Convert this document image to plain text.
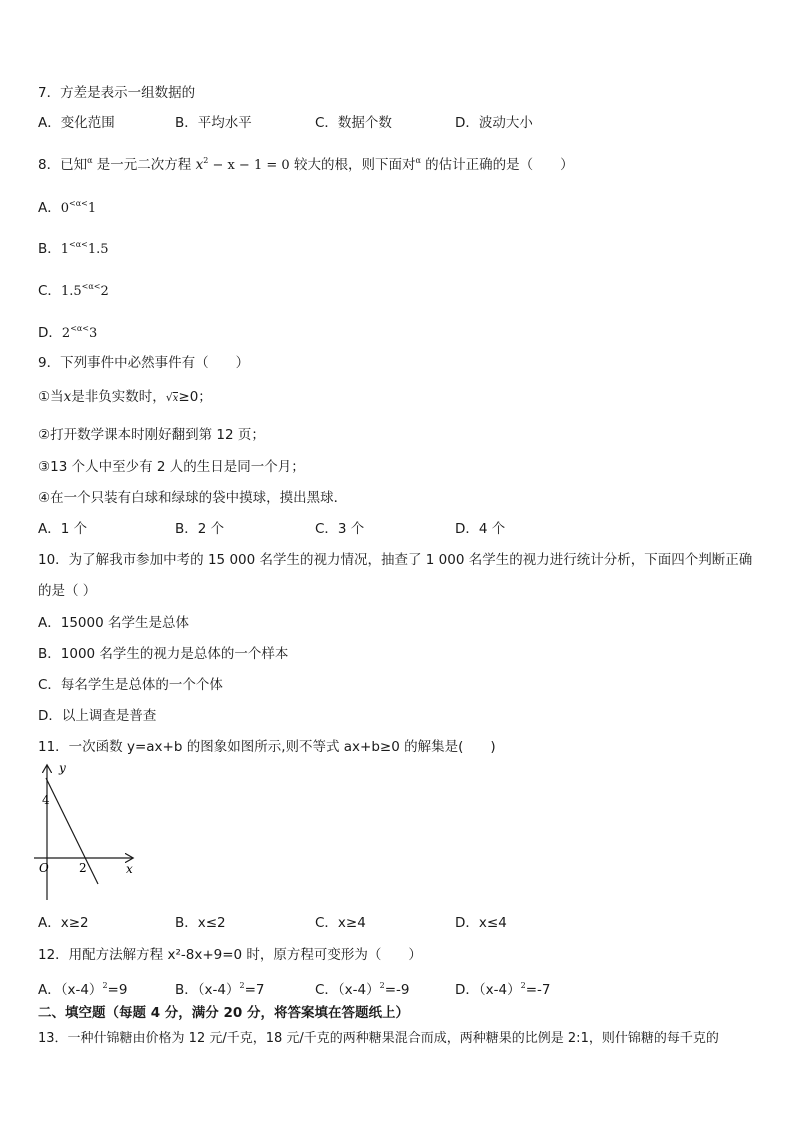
7．方差是表示一组数据的
A．变化范围	B．平均水平	C．数据个数	D．波动大小
8．已知$^\alpha$ 是一元二次方程 $x^2 - x - 1 = 0$ 较大的根，则下面对$^\alpha$ 的估计正确的是（　　）
A．$0^{<\alpha<}1$
B．$1^{<\alpha<}1.5$
C．$1.5^{<\alpha<}2$
D．$2^{<\alpha<}3$
9．下列事件中必然事件有（　　）
①当x是非负实数时，√x≥0；
②打开数学课本时刚好翻到第 12 页；
③13 个人中至少有 2 人的生日是同一个月；
④在一个只装有白球和绿球的袋中摸球，摸出黑球．
A．1 个	B．2 个	C．3 个	D．4 个
10．为了解我市参加中考的 15 000 名学生的视力情况，抽查了 1 000 名学生的视力进行统计分析，下面四个判断正确
的是（ ）
A．15000 名学生是总体
B．1000 名学生的视力是总体的一个样本
C．每名学生是总体的一个个体
D．以上调查是普查
11．一次函数 y=ax+b 的图象如图所示,则不等式 ax+b≥0 的解集是(　　)
y
x
O
4
2
A．x≥2	B．x≤2	C．x≥4	D．x≤4
12．用配方法解方程 x²-8x+9=0 时，原方程可变形为（　　）
A．$(x-4)^2=9$	B．$(x-4)^2=7$	C．$(x-4)^2=-9$	D．$(x-4)^2=-7$
二、填空题（每题 4 分，满分 20 分，将答案填在答题纸上）
13．一种什锦糖由价格为 12 元/千克，18 元/千克的两种糖果混合而成，两种糖果的比例是 2:1，则什锦糖的每千克的
